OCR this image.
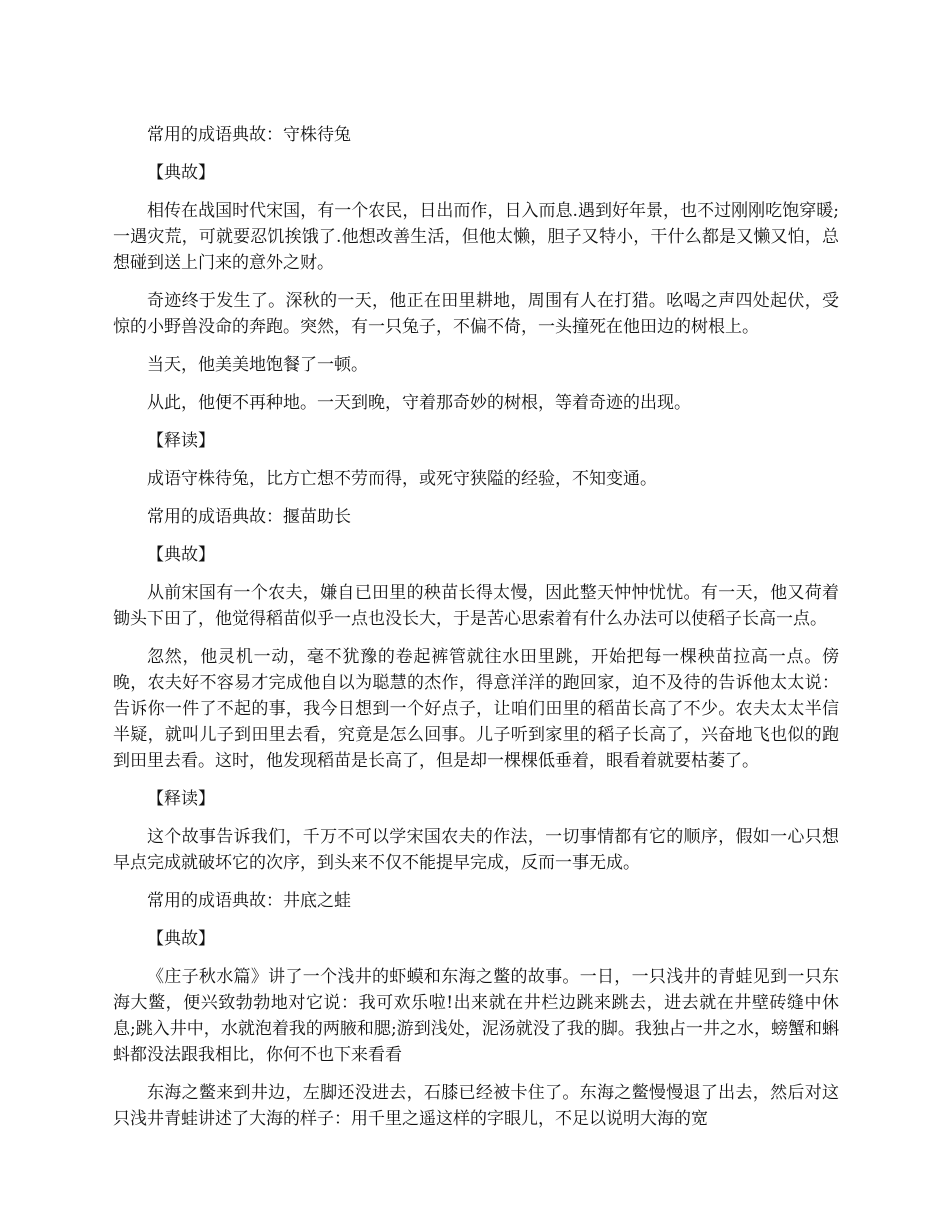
常用的成语典故：守株待兔
【典故】
相传在战国时代宋国，有一个农民，日出而作，日入而息.遇到好年景，也不过刚刚吃饱穿暖;一遇灾荒，可就要忍饥挨饿了.他想改善生活，但他太懒，胆子又特小，干什么都是又懒又怕，总想碰到送上门来的意外之财。
奇迹终于发生了。深秋的一天，他正在田里耕地，周围有人在打猎。吆喝之声四处起伏，受惊的小野兽没命的奔跑。突然，有一只兔子，不偏不倚，一头撞死在他田边的树根上。
当天，他美美地饱餐了一顿。
从此，他便不再种地。一天到晚，守着那奇妙的树根，等着奇迹的出现。
【释读】
成语守株待兔，比方亡想不劳而得，或死守狭隘的经验，不知变通。
常用的成语典故：揠苗助长
【典故】
从前宋国有一个农夫，嫌自已田里的秧苗长得太慢，因此整天忡忡忧忧。有一天，他又荷着锄头下田了，他觉得稻苗似乎一点也没长大，于是苦心思索着有什么办法可以使稻子长高一点。
忽然，他灵机一动，毫不犹豫的卷起裤管就往水田里跳，开始把每一棵秧苗拉高一点。傍晚，农夫好不容易才完成他自以为聪慧的杰作，得意洋洋的跑回家，迫不及待的告诉他太太说：告诉你一件了不起的事，我今日想到一个好点子，让咱们田里的稻苗长高了不少。农夫太太半信半疑，就叫儿子到田里去看，究竟是怎么回事。儿子听到家里的稻子长高了，兴奋地飞也似的跑到田里去看。这时，他发现稻苗是长高了，但是却一棵棵低垂着，眼看着就要枯萎了。
【释读】
这个故事告诉我们，千万不可以学宋国农夫的作法，一切事情都有它的顺序，假如一心只想早点完成就破坏它的次序，到头来不仅不能提早完成，反而一事无成。
常用的成语典故：井底之蛙
【典故】
《庄子秋水篇》讲了一个浅井的虾蟆和东海之鳖的故事。一日，一只浅井的青蛙见到一只东海大鳖，便兴致勃勃地对它说：我可欢乐啦!出来就在井栏边跳来跳去，进去就在井壁砖缝中休息;跳入井中，水就泡着我的两腋和腮;游到浅处，泥汤就没了我的脚。我独占一井之水，螃蟹和蝌蚪都没法跟我相比，你何不也下来看看
东海之鳖来到井边，左脚还没进去，石膝已经被卡住了。东海之鳖慢慢退了出去，然后对这只浅井青蛙讲述了大海的样子：用千里之遥这样的字眼儿，不足以说明大海的宽
